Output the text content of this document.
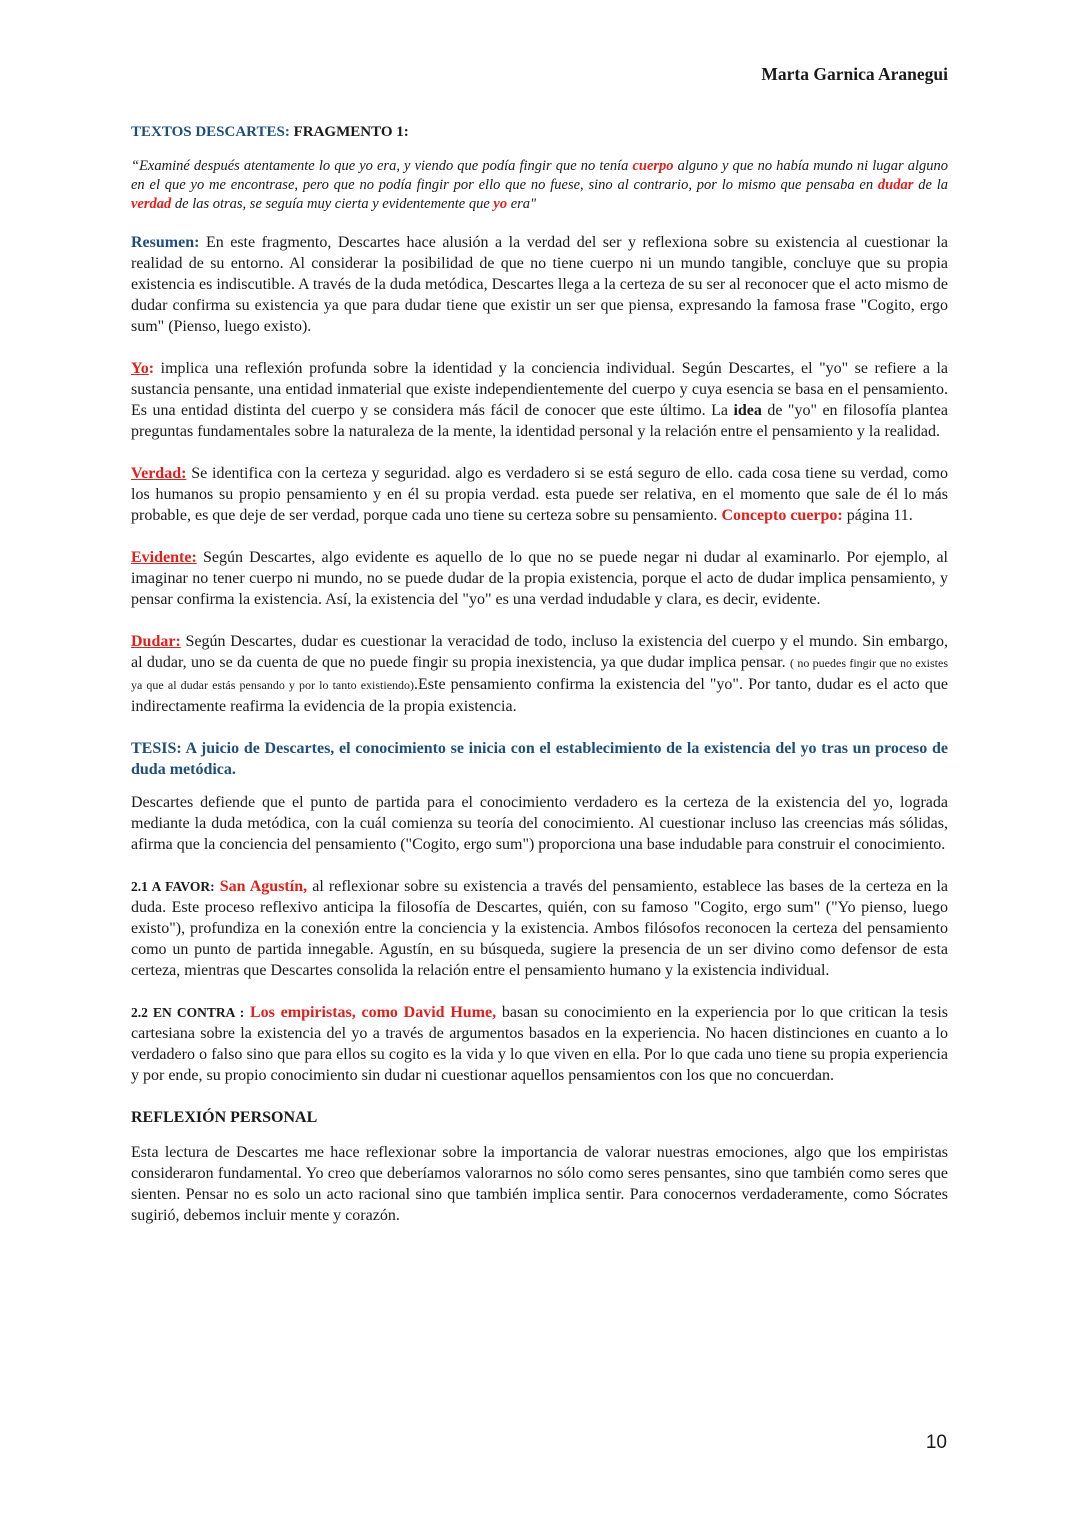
Marta Garnica Aranegui
TEXTOS DESCARTES: FRAGMENTO 1:

“Examiné después atentamente lo que yo era, y viendo que podía fingir que no tenía cuerpo alguno y que no había mundo ni lugar alguno en el que yo me encontrase, pero que no podía fingir por ello que no fuese, sino al contrario, por lo mismo que pensaba en dudar de la verdad de las otras, se seguía muy cierta y evidentemente que yo era"

Resumen: En este fragmento, Descartes hace alusión a la verdad del ser y reflexiona sobre su existencia al cuestionar la realidad de su entorno. Al considerar la posibilidad de que no tiene cuerpo ni un mundo tangible, concluye que su propia existencia es indiscutible. A través de la duda metódica, Descartes llega a la certeza de su ser al reconocer que el acto mismo de dudar confirma su existencia ya que para dudar tiene que existir un ser que piensa, expresando la famosa frase "Cogito, ergo sum" (Pienso, luego existo).

Yo: implica una reflexión profunda sobre la identidad y la conciencia individual. Según Descartes, el "yo" se refiere a la sustancia pensante, una entidad inmaterial que existe independientemente del cuerpo y cuya esencia se basa en el pensamiento. Es una entidad distinta del cuerpo y se considera más fácil de conocer que este último. La idea de "yo" en filosofía plantea preguntas fundamentales sobre la naturaleza de la mente, la identidad personal y la relación entre el pensamiento y la realidad.

Verdad: Se identifica con la certeza y seguridad. algo es verdadero si se está seguro de ello. cada cosa tiene su verdad, como los humanos su propio pensamiento y en él su propia verdad. esta puede ser relativa, en el momento que sale de él lo más probable, es que deje de ser verdad, porque cada uno tiene su certeza sobre su pensamiento. Concepto cuerpo: página 11.

Evidente: Según Descartes, algo evidente es aquello de lo que no se puede negar ni dudar al examinarlo. Por ejemplo, al imaginar no tener cuerpo ni mundo, no se puede dudar de la propia existencia, porque el acto de dudar implica pensamiento, y pensar confirma la existencia. Así, la existencia del "yo" es una verdad indudable y clara, es decir, evidente.

Dudar: Según Descartes, dudar es cuestionar la veracidad de todo, incluso la existencia del cuerpo y el mundo. Sin embargo, al dudar, uno se da cuenta de que no puede fingir su propia inexistencia, ya que dudar implica pensar. ( no puedes fingir que no existes ya que al dudar estás pensando y por lo tanto existiendo).Este pensamiento confirma la existencia del "yo". Por tanto, dudar es el acto que indirectamente reafirma la evidencia de la propia existencia.

TESIS: A juicio de Descartes, el conocimiento se inicia con el establecimiento de la existencia del yo tras un proceso de duda metódica.

Descartes defiende que el punto de partida para el conocimiento verdadero es la certeza de la existencia del yo, lograda mediante la duda metódica, con la cuál comienza su teoría del conocimiento. Al cuestionar incluso las creencias más sólidas, afirma que la conciencia del pensamiento ("Cogito, ergo sum") proporciona una base indudable para construir el conocimiento.

2.1 A FAVOR: San Agustín, al reflexionar sobre su existencia a través del pensamiento, establece las bases de la certeza en la duda. Este proceso reflexivo anticipa la filosofía de Descartes, quién, con su famoso "Cogito, ergo sum" ("Yo pienso, luego existo"), profundiza en la conexión entre la conciencia y la existencia. Ambos filósofos reconocen la certeza del pensamiento como un punto de partida innegable. Agustín, en su búsqueda, sugiere la presencia de un ser divino como defensor de esta certeza, mientras que Descartes consolida la relación entre el pensamiento humano y la existencia individual.

2.2 EN CONTRA : Los empiristas, como David Hume, basan su conocimiento en la experiencia por lo que critican la tesis cartesiana sobre la existencia del yo a través de argumentos basados en la experiencia. No hacen distinciones en cuanto a lo verdadero o falso sino que para ellos su cogito es la vida y lo que viven en ella. Por lo que cada uno tiene su propia experiencia y por ende, su propio conocimiento sin dudar ni cuestionar aquellos pensamientos con los que no concuerdan.

REFLEXIÓN PERSONAL

Esta lectura de Descartes me hace reflexionar sobre la importancia de valorar nuestras emociones, algo que los empiristas consideraron fundamental. Yo creo que deberíamos valorarnos no sólo como seres pensantes, sino que también como seres que sienten. Pensar no es solo un acto racional sino que también implica sentir. Para conocernos verdaderamente, como Sócrates sugirió, debemos incluir mente y corazón.

10
